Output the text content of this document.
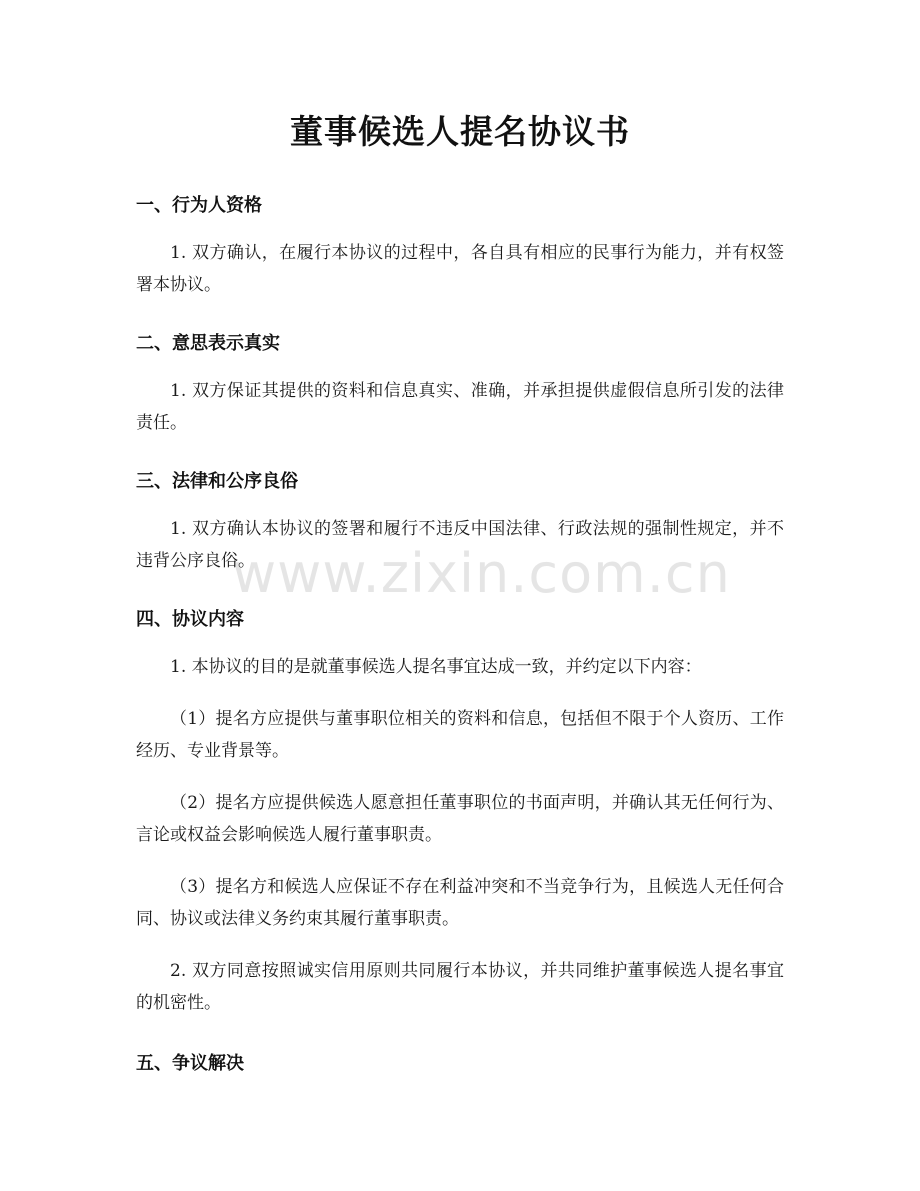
董事候选人提名协议书
一、行为人资格
1. 双方确认，在履行本协议的过程中，各自具有相应的民事行为能力，并有权签署本协议。
二、意思表示真实
1. 双方保证其提供的资料和信息真实、准确，并承担提供虚假信息所引发的法律责任。
三、法律和公序良俗
1. 双方确认本协议的签署和履行不违反中国法律、行政法规的强制性规定，并不违背公序良俗。
四、协议内容
1. 本协议的目的是就董事候选人提名事宜达成一致，并约定以下内容：
（1）提名方应提供与董事职位相关的资料和信息，包括但不限于个人资历、工作经历、专业背景等。
（2）提名方应提供候选人愿意担任董事职位的书面声明，并确认其无任何行为、言论或权益会影响候选人履行董事职责。
（3）提名方和候选人应保证不存在利益冲突和不当竞争行为，且候选人无任何合同、协议或法律义务约束其履行董事职责。
2. 双方同意按照诚实信用原则共同履行本协议，并共同维护董事候选人提名事宜的机密性。
五、争议解决
www.zixin.com.cn
